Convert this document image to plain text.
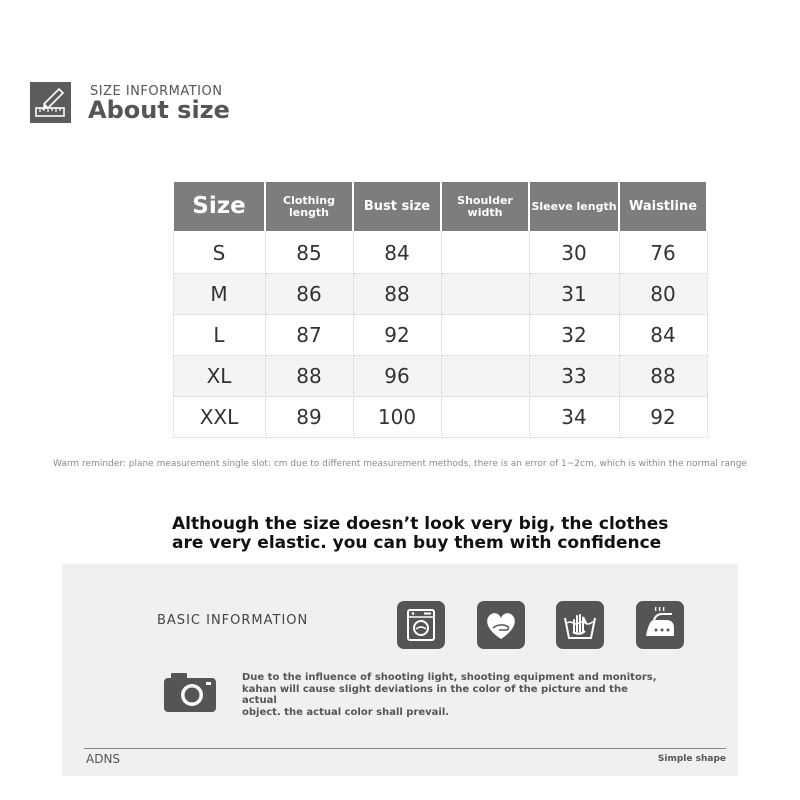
SIZE INFORMATION
About size
Size	Clothing length	Bust size	Shoulder width	Sleeve length	Waistline
S	85	84		30	76
M	86	88		31	80
L	87	92		32	84
XL	88	96		33	88
XXL	89	100		34	92
Warm reminder: plane measurement single slot: cm due to different measurement methods, there is an error of 1~2cm, which is within the normal range
Although the size doesn’t look very big, the clothes
are very elastic. you can buy them with confidence
BASIC INFORMATION
Due to the influence of shooting light, shooting equipment and monitors,
kahan will cause slight deviations in the color of the picture and the actual
object. the actual color shall prevail.
ADNS	Simple shape
